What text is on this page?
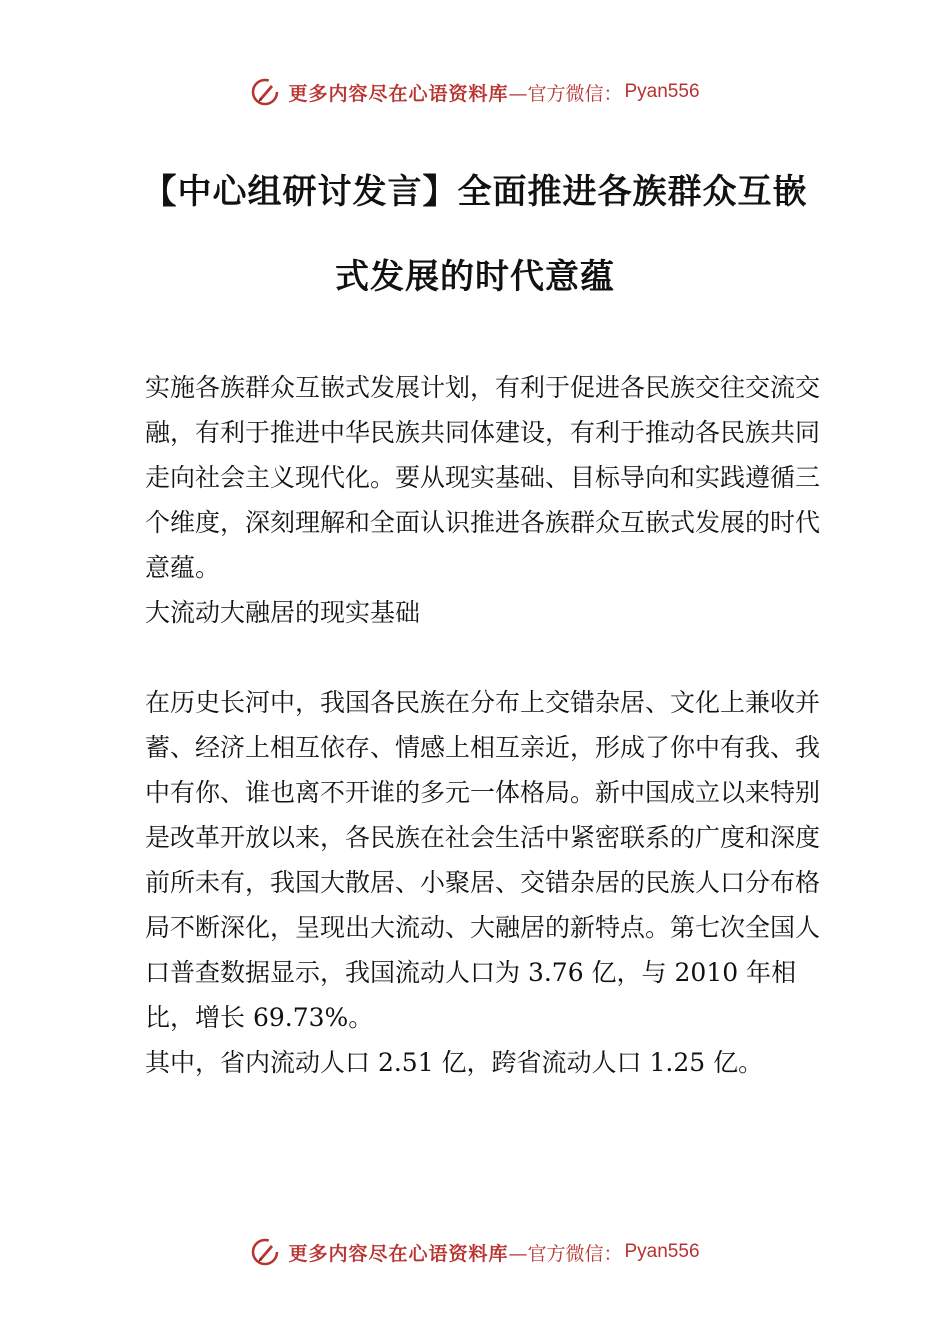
更多内容尽在心语资料库 —官方微信： Pyan556
【中心组研讨发言】全面推进各族群众互嵌
式发展的时代意蕴

实施各族群众互嵌式发展计划，有利于促进各民族交往交流交融，有利于推进中华民族共同体建设，有利于推动各民族共同走向社会主义现代化。要从现实基础、目标导向和实践遵循三个维度，深刻理解和全面认识推进各族群众互嵌式发展的时代意蕴。

大流动大融居的现实基础

在历史长河中，我国各民族在分布上交错杂居、文化上兼收并蓄、经济上相互依存、情感上相互亲近，形成了你中有我、我中有你、谁也离不开谁的多元一体格局。新中国成立以来特别是改革开放以来，各民族在社会生活中紧密联系的广度和深度前所未有，我国大散居、小聚居、交错杂居的民族人口分布格局不断深化，呈现出大流动、大融居的新特点。第七次全国人口普查数据显示，我国流动人口为 3.76 亿，与 2010 年相比，增长 69.73%。

其中，省内流动人口 2.51 亿，跨省流动人口 1.25 亿。

更多内容尽在心语资料库 —官方微信： Pyan556
